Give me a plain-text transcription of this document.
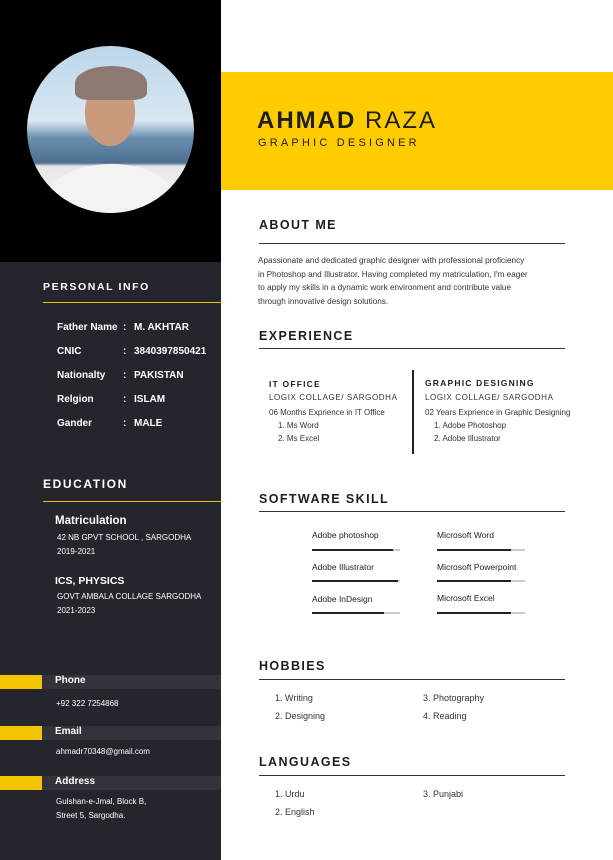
PERSONAL INFO
Father Name : M. AKHTAR
CNIC	: 3840397850421
Nationalty	: PAKISTAN
Relgion	: ISLAM
Gander	: MALE
EDUCATION
Matriculation
42 NB GPVT SCHOOL , SARGODHA
2019-2021
ICS, PHYSICS
GOVT AMBALA COLLAGE SARGODHA
2021-2023
Phone
+92 322 7254868
Email
ahmadr70348@gmail.com
Address
Gulshan-e-Jmal, Block B,
Street 5, Sargodha.
AHMAD RAZA
GRAPHIC DESIGNER
ABOUT ME
Apassionate and dedicated graphic designer with professional proficiency
in Photoshop and Illustrator. Having completed my matriculation, I'm eager
to apply my skills in a dynamic work environment and contribute value
through innovative design solutions.
EXPERIENCE
IT OFFICE
LOGIX COLLAGE/ SARGODHA
06 Months Exprience in IT Office
1. Ms Word
2. Ms Excel
GRAPHIC DESIGNING
LOGIX COLLAGE/ SARGODHA
02 Years Exprience in Graphic Designing
1. Adobe Photoshop
2. Adobe Illustrator
SOFTWARE SKILL
Adobe photoshop	Microsoft Word
Adobe Illustrator	Microsoft Powerpoint
Adobe InDesign	Microsoft Excel
HOBBIES
1. Writing	3. Photography
2. Designing	4. Reading
LANGUAGES
1. Urdu	3. Punjabi
2. English
